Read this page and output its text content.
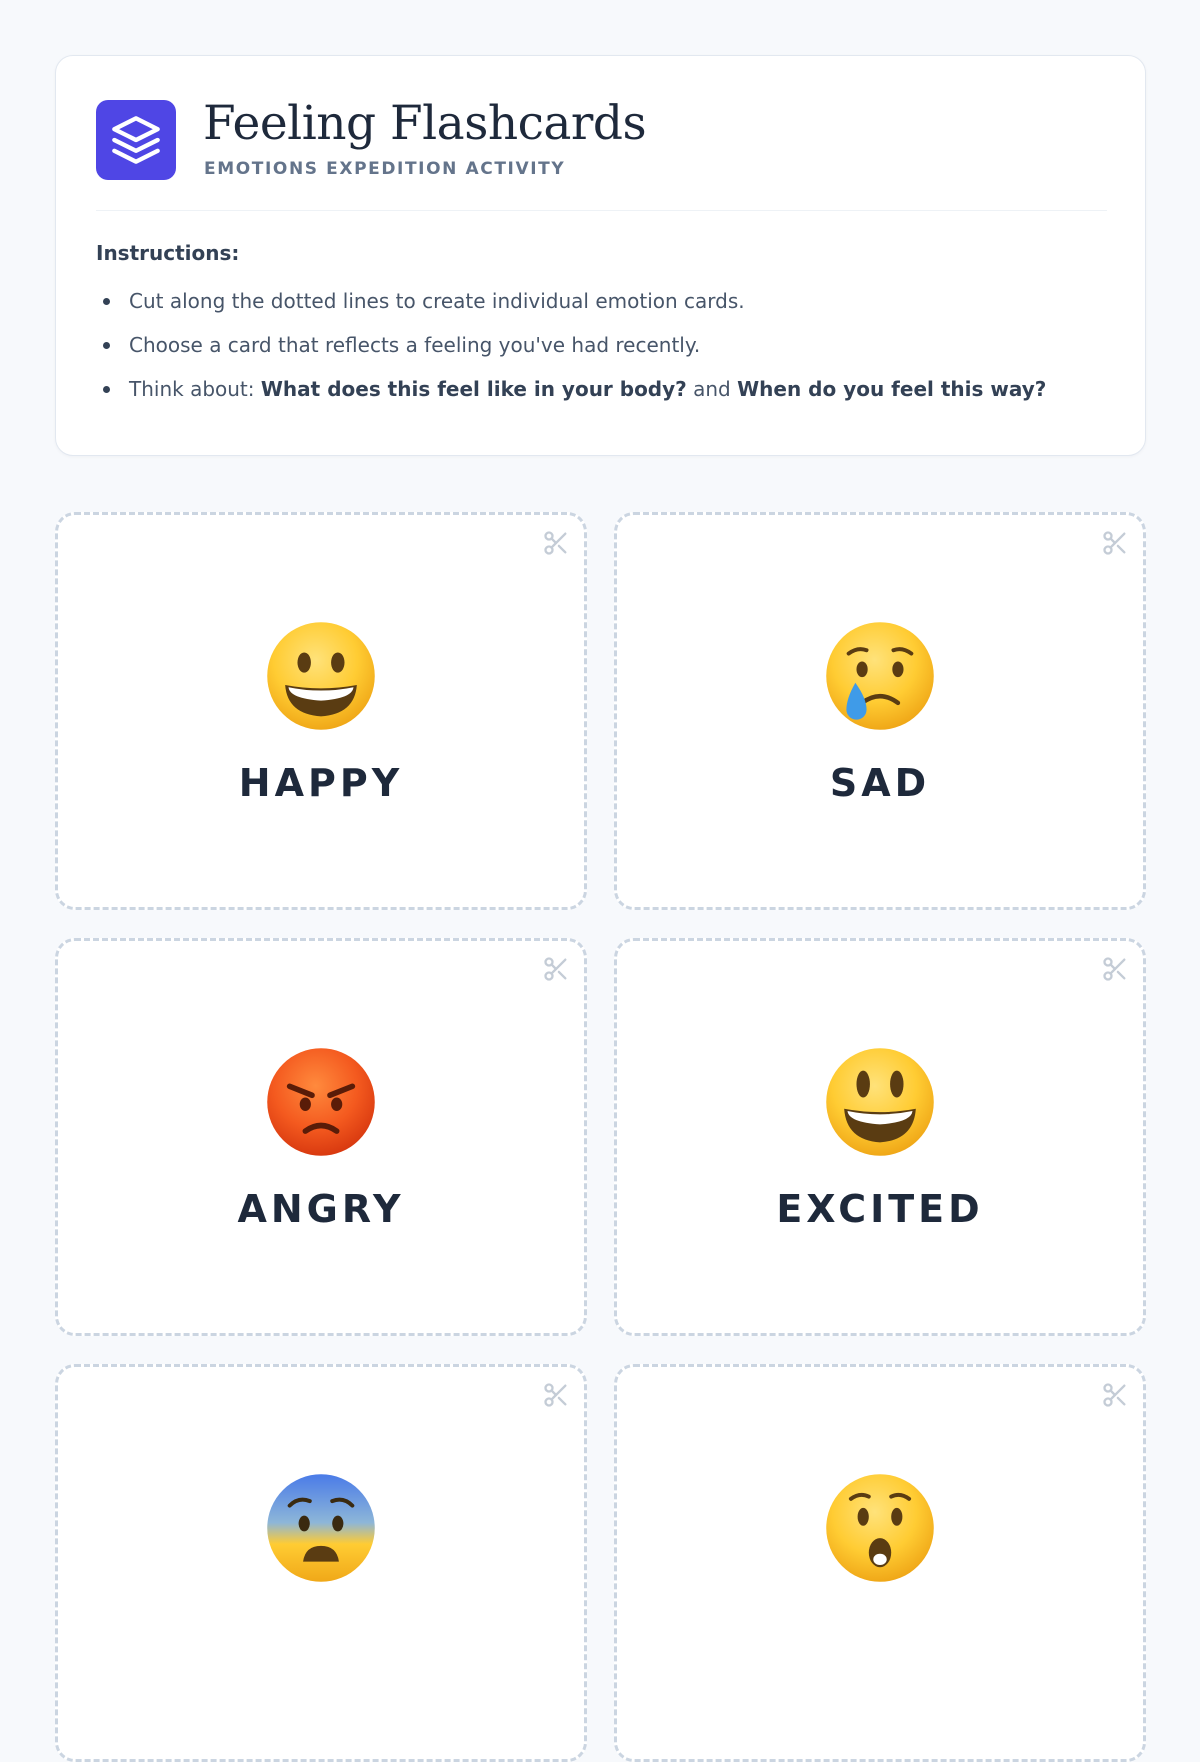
Feeling Flashcards
EMOTIONS EXPEDITION ACTIVITY
Instructions:
Cut along the dotted lines to create individual emotion cards.
Choose a card that reflects a feeling you've had recently.
Think about: What does this feel like in your body? and When do you feel this way?
HAPPY	SAD
ANGRY	EXCITED
